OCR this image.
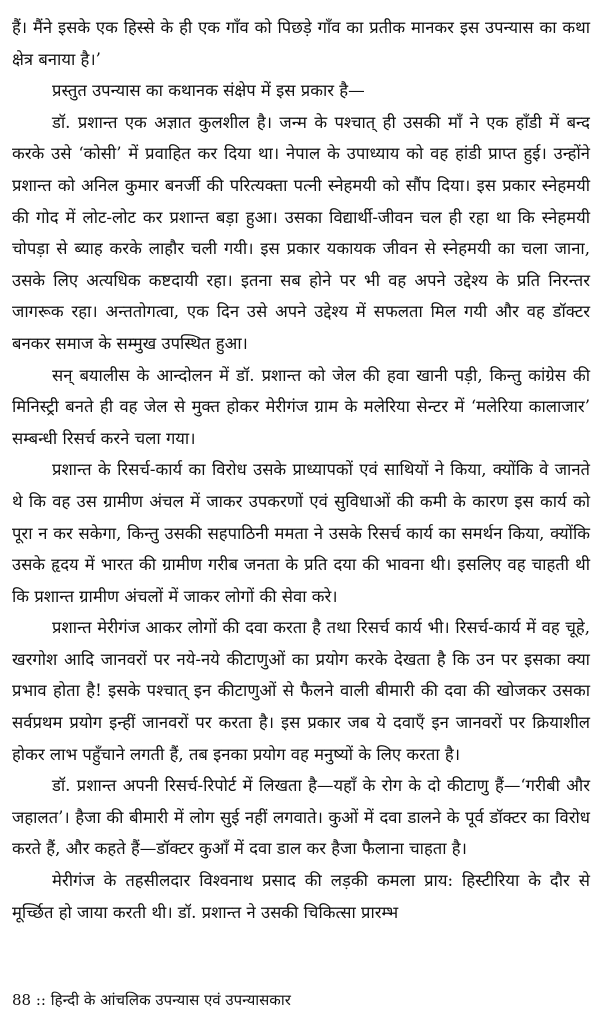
हैं। मैंने इसके एक हिस्से के ही एक गाँव को पिछड़े गाँव का प्रतीक मानकर इस उपन्यास का कथा क्षेत्र बनाया है।’

प्रस्तुत उपन्यास का कथानक संक्षेप में इस प्रकार है—

डॉ. प्रशान्त एक अज्ञात कुलशील है। जन्म के पश्चात् ही उसकी माँ ने एक हाँडी में बन्द करके उसे ‘कोसी’ में प्रवाहित कर दिया था। नेपाल के उपाध्याय को वह हांडी प्राप्त हुई। उन्होंने प्रशान्त को अनिल कुमार बनर्जी की परित्यक्ता पत्नी स्नेहमयी को सौंप दिया। इस प्रकार स्नेहमयी की गोद में लोट-लोट कर प्रशान्त बड़ा हुआ। उसका विद्यार्थी-जीवन चल ही रहा था कि स्नेहमयी चोपड़ा से ब्याह करके लाहौर चली गयी। इस प्रकार यकायक जीवन से स्नेहमयी का चला जाना, उसके लिए अत्यधिक कष्टदायी रहा। इतना सब होने पर भी वह अपने उद्देश्य के प्रति निरन्तर जागरूक रहा। अन्ततोगत्वा, एक दिन उसे अपने उद्देश्य में सफलता मिल गयी और वह डॉक्टर बनकर समाज के सम्मुख उपस्थित हुआ।

सन् बयालीस के आन्दोलन में डॉ. प्रशान्त को जेल की हवा खानी पड़ी, किन्तु कांग्रेस की मिनिस्ट्री बनते ही वह जेल से मुक्त होकर मेरीगंज ग्राम के मलेरिया सेन्टर में ‘मलेरिया कालाजार’ सम्बन्धी रिसर्च करने चला गया।

प्रशान्त के रिसर्च-कार्य का विरोध उसके प्राध्यापकों एवं साथियों ने किया, क्योंकि वे जानते थे कि वह उस ग्रामीण अंचल में जाकर उपकरणों एवं सुविधाओं की कमी के कारण इस कार्य को पूरा न कर सकेगा, किन्तु उसकी सहपाठिनी ममता ने उसके रिसर्च कार्य का समर्थन किया, क्योंकि उसके हृदय में भारत की ग्रामीण गरीब जनता के प्रति दया की भावना थी। इसलिए वह चाहती थी कि प्रशान्त ग्रामीण अंचलों में जाकर लोगों की सेवा करे।

प्रशान्त मेरीगंज आकर लोगों की दवा करता है तथा रिसर्च कार्य भी। रिसर्च-कार्य में वह चूहे, खरगोश आदि जानवरों पर नये-नये कीटाणुओं का प्रयोग करके देखता है कि उन पर इसका क्या प्रभाव होता है! इसके पश्चात् इन कीटाणुओं से फैलने वाली बीमारी की दवा की खोजकर उसका सर्वप्रथम प्रयोग इन्हीं जानवरों पर करता है। इस प्रकार जब ये दवाएँ इन जानवरों पर क्रियाशील होकर लाभ पहुँचाने लगती हैं, तब इनका प्रयोग वह मनुष्यों के लिए करता है।

डॉ. प्रशान्त अपनी रिसर्च-रिपोर्ट में लिखता है—यहाँ के रोग के दो कीटाणु हैं—‘गरीबी और जहालत’। हैजा की बीमारी में लोग सुई नहीं लगवाते। कुओं में दवा डालने के पूर्व डॉक्टर का विरोध करते हैं, और कहते हैं—डॉक्टर कुआँ में दवा डाल कर हैजा फैलाना चाहता है।

मेरीगंज के तहसीलदार विश्वनाथ प्रसाद की लड़की कमला प्राय: हिस्टीरिया के दौर से मूर्च्छित हो जाया करती थी। डॉ. प्रशान्त ने उसकी चिकित्सा प्रारम्भ

88 :: हिन्दी के आंचलिक उपन्यास एवं उपन्यासकार
